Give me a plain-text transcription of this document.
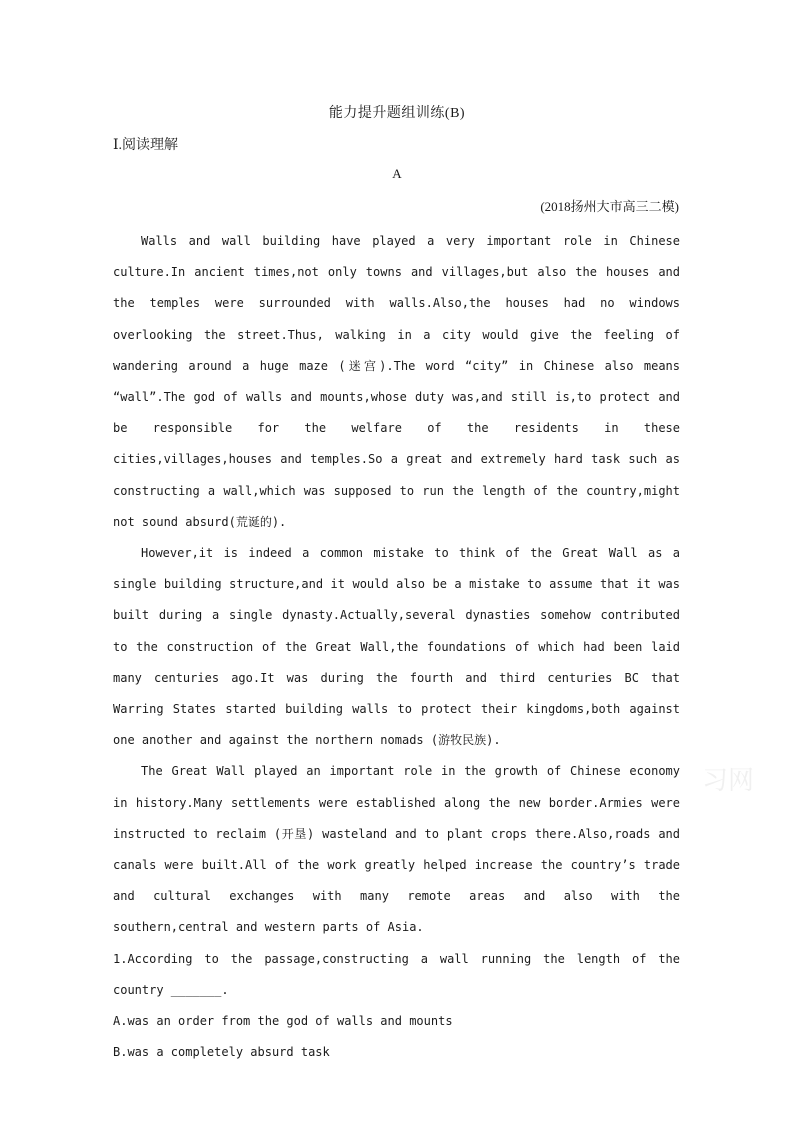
能力提升题组训练(B)
Ⅰ.阅读理解
A
(2018扬州大市高三二模)

Walls and wall building have played a very important role in Chinese culture.In ancient times,not only towns and villages,but also the houses and the temples were surrounded with walls.Also,the houses had no windows overlooking the street.Thus, walking in a city would give the feeling of wandering around a huge maze (迷宫).The word “city” in Chinese also means “wall”.The god of walls and mounts,whose duty was,and still is,to protect and be responsible for the welfare of the residents in these cities,villages,houses and temples.So a great and extremely hard task such as constructing a wall,which was supposed to run the length of the country,might not sound absurd(荒诞的).

However,it is indeed a common mistake to think of the Great Wall as a single building structure,and it would also be a mistake to assume that it was built during a single dynasty.Actually,several dynasties somehow contributed to the construction of the Great Wall,the foundations of which had been laid many centuries ago.It was during the fourth and third centuries BC that Warring States started building walls to protect their kingdoms,both against one another and against the northern nomads (游牧民族).

The Great Wall played an important role in the growth of Chinese economy in history.Many settlements were established along the new border.Armies were instructed to reclaim (开垦) wasteland and to plant crops there.Also,roads and canals were built.All of the work greatly helped increase the country’s trade and cultural exchanges with many remote areas and also with the southern,central and western parts of Asia.

1.According to the passage,constructing a wall running the length of the country _______.

A.was an order from the god of walls and mounts

B.was a completely absurd task

习网
